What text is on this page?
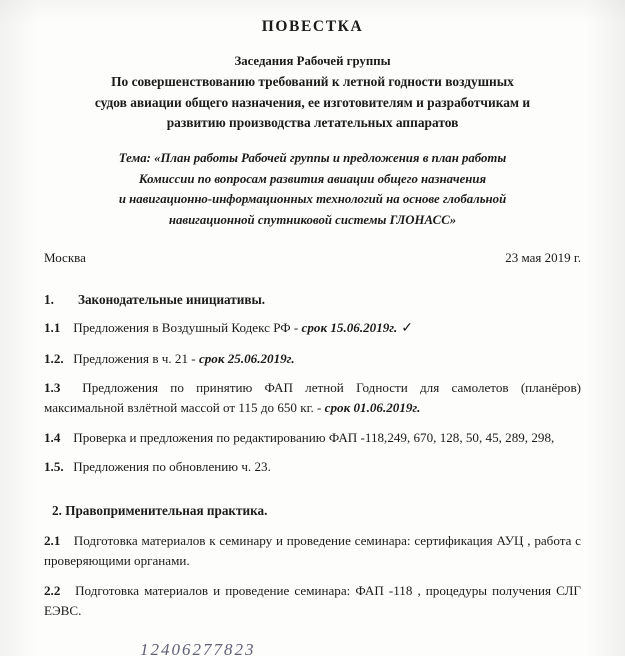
ПОВЕСТКА
Заседания Рабочей группы
По совершенствованию требований к летной годности воздушных
судов авиации общего назначения, ее изготовителям и разработчикам и
развитию производства летательных аппаратов
Тема: «План работы Рабочей группы и предложения в план работы
Комиссии по вопросам развития авиации общего назначения
и навигационно-информационных технологий на основе глобальной
навигационной спутниковой системы ГЛОНАСС»
Москва	23 мая 2019 г.
1.	Законодательные инициативы.
1.1 Предложения в Воздушный Кодекс РФ - срок 15.06.2019г. ✓
1.2. Предложения в ч. 21 - срок 25.06.2019г.
1.3 Предложения по принятию ФАП летной Годности для самолетов (планёров) максимальной взлётной массой от 115 до 650 кг. - срок 01.06.2019г.
1.4 Проверка и предложения по редактированию ФАП -118,249, 670, 128, 50, 45, 289, 298,
1.5. Предложения по обновлению ч. 23.
2. Правоприменительная практика.
2.1 Подготовка материалов к семинару и проведение семинара: сертификация АУЦ , работа с проверяющими органами.
2.2 Подготовка материалов и проведение семинара: ФАП -118 , процедуры получения СЛГ ЕЭВС.
12406277823
